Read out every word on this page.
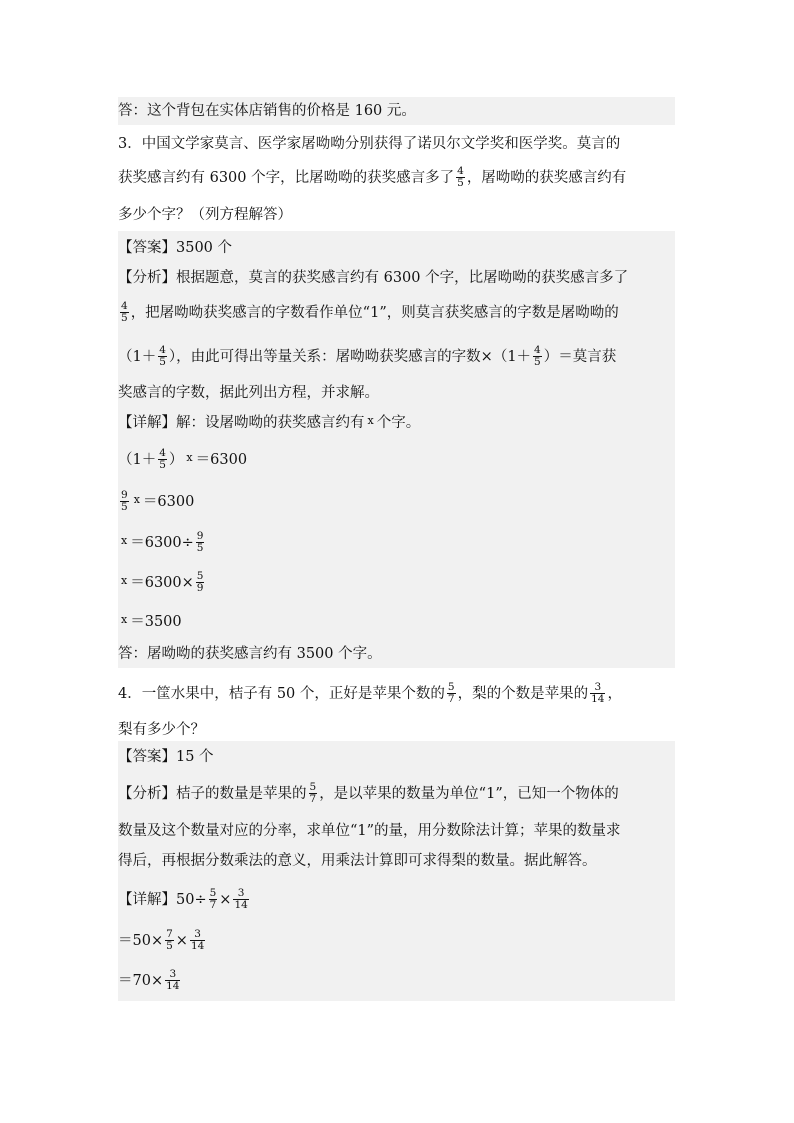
答：这个背包在实体店销售的价格是 160 元。
3．中国文学家莫言、医学家屠呦呦分别获得了诺贝尔文学奖和医学奖。莫言的
获奖感言约有 6300 个字，比屠呦呦的获奖感言多了 $\frac{4}{5}$ ，屠呦呦的获奖感言约有
多少个字？（列方程解答）
【答案】3500 个
【分析】根据题意，莫言的获奖感言约有 6300 个字，比屠呦呦的获奖感言多了
$\frac{4}{5}$ ，把屠呦呦获奖感言的字数看作单位“1”，则莫言获奖感言的字数是屠呦呦的
（$1+ \frac{4}{5}$ ），由此可得出等量关系：屠呦呦获奖感言的字数$\times(1+ \frac{4}{5}$ ）＝莫言获
奖感言的字数，据此列出方程，并求解。
【详解】解：设屠呦呦的获奖感言约有 x 个字。
（$1+ \frac{4}{5}$ ） x ＝6300
$\frac{9}{5}$ x ＝6300
$x =6300\div \frac{9}{5}$
$x =6300\times \frac{5}{9}$
x ＝3500
答：屠呦呦的获奖感言约有 3500 个字。
4．一筐水果中，桔子有 50 个，正好是苹果个数的 $\frac{5}{7}$ ，梨的个数是苹果的 $\frac{3}{14}$ ，
梨有多少个？
【答案】15 个
【分析】桔子的数量是苹果的 $\frac{5}{7}$ ，是以苹果的数量为单位“1”，已知一个物体的
数量及这个数量对应的分率，求单位“1”的量，用分数除法计算；苹果的数量求
得后，再根据分数乘法的意义，用乘法计算即可求得梨的数量。据此解答。
【详解】$50\div \frac{5}{7} \times \frac{3}{14}$
$=50\times \frac{7}{5} \times \frac{3}{14}$
$=70\times \frac{3}{14}$
